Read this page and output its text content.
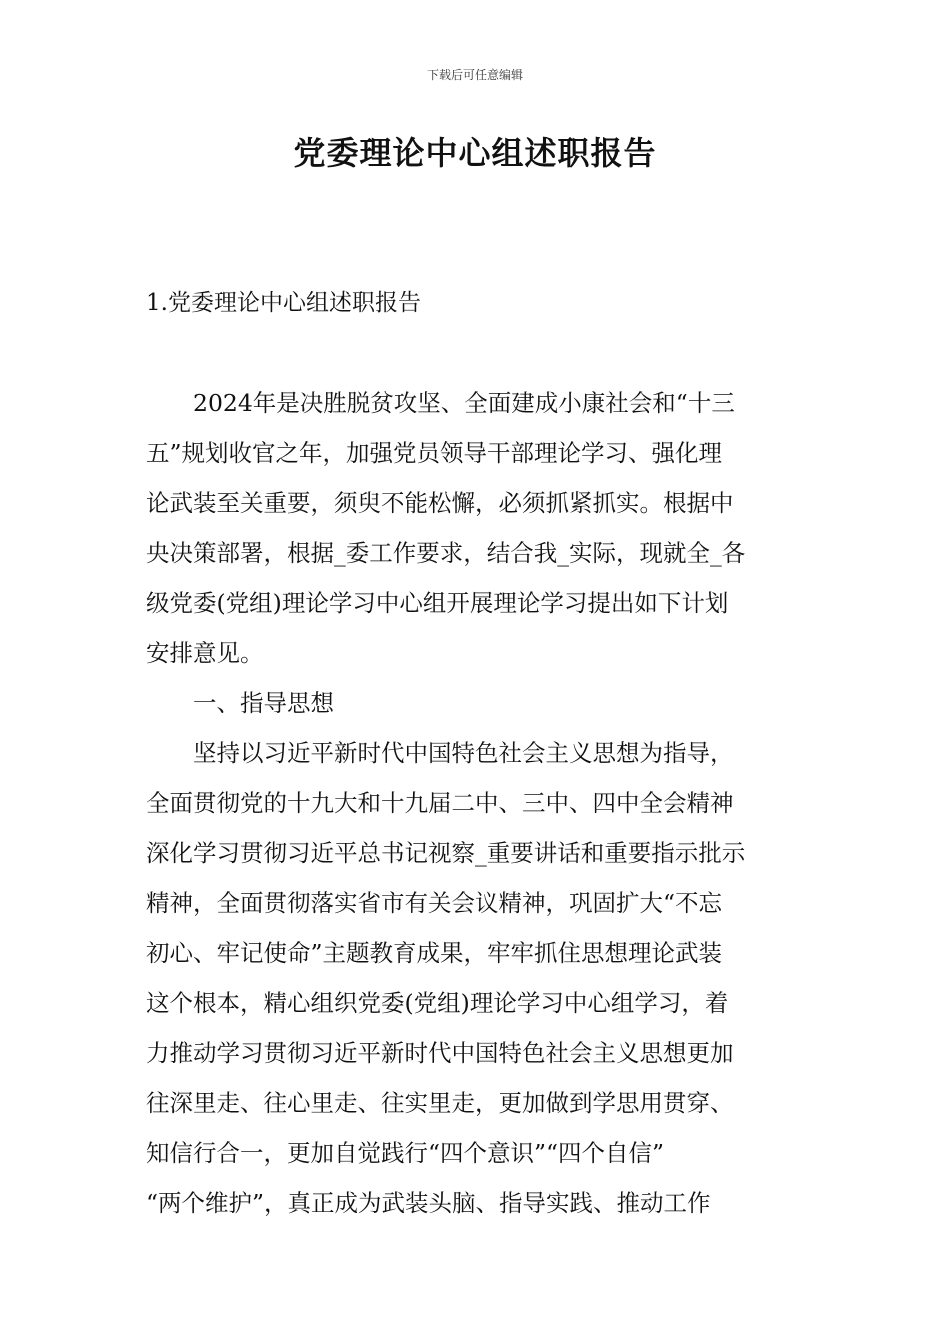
下载后可任意编辑
党委理论中心组述职报告
1.党委理论中心组述职报告
2024年是决胜脱贫攻坚、全面建成小康社会和“十三
五”规划收官之年，加强党员领导干部理论学习、强化理
论武装至关重要，须臾不能松懈，必须抓紧抓实。根据中
央决策部署，根据_委工作要求，结合我_实际，现就全_各
级党委(党组)理论学习中心组开展理论学习提出如下计划
安排意见。
一、指导思想
坚持以习近平新时代中国特色社会主义思想为指导，
全面贯彻党的十九大和十九届二中、三中、四中全会精神
深化学习贯彻习近平总书记视察_重要讲话和重要指示批示
精神，全面贯彻落实省市有关会议精神，巩固扩大“不忘
初心、牢记使命”主题教育成果，牢牢抓住思想理论武装
这个根本，精心组织党委(党组)理论学习中心组学习，着
力推动学习贯彻习近平新时代中国特色社会主义思想更加
往深里走、往心里走、往实里走，更加做到学思用贯穿、
知信行合一，更加自觉践行“四个意识”“四个自信”
“两个维护”，真正成为武装头脑、指导实践、推动工作
